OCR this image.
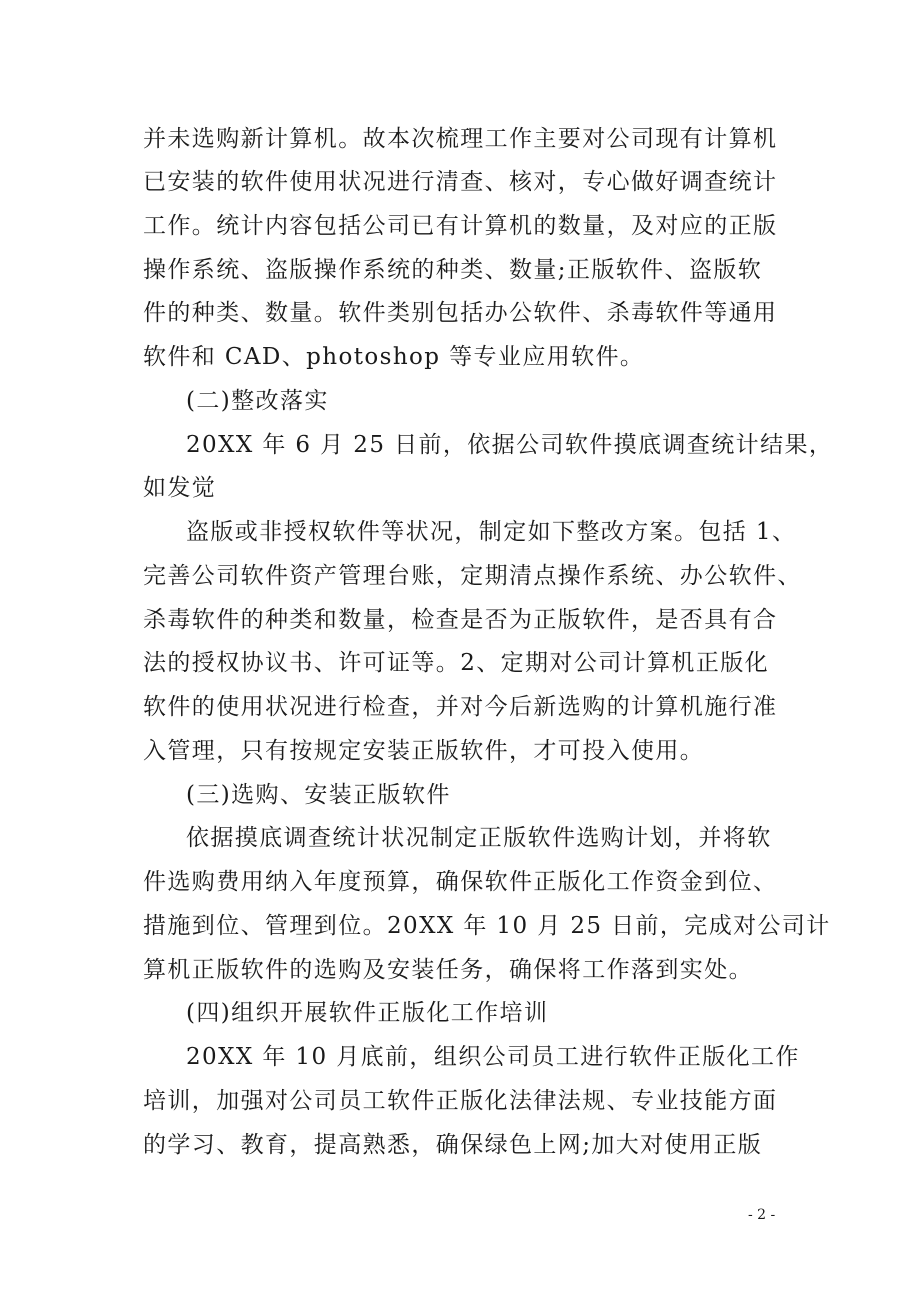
并未选购新计算机。故本次梳理工作主要对公司现有计算机
已安装的软件使用状况进行清查、核对，专心做好调查统计
工作。统计内容包括公司已有计算机的数量，及对应的正版
操作系统、盗版操作系统的种类、数量;正版软件、盗版软
件的种类、数量。软件类别包括办公软件、杀毒软件等通用
软件和 CAD、photoshop 等专业应用软件。
(二)整改落实
20XX 年 6 月 25 日前，依据公司软件摸底调查统计结果，
如发觉
盗版或非授权软件等状况，制定如下整改方案。包括 1、
完善公司软件资产管理台账，定期清点操作系统、办公软件、
杀毒软件的种类和数量，检查是否为正版软件，是否具有合
法的授权协议书、许可证等。2、定期对公司计算机正版化
软件的使用状况进行检查，并对今后新选购的计算机施行准
入管理，只有按规定安装正版软件，才可投入使用。
(三)选购、安装正版软件
依据摸底调查统计状况制定正版软件选购计划，并将软
件选购费用纳入年度预算，确保软件正版化工作资金到位、
措施到位、管理到位。20XX 年 10 月 25 日前，完成对公司计
算机正版软件的选购及安装任务，确保将工作落到实处。
(四)组织开展软件正版化工作培训
20XX 年 10 月底前，组织公司员工进行软件正版化工作
培训，加强对公司员工软件正版化法律法规、专业技能方面
的学习、教育，提高熟悉，确保绿色上网;加大对使用正版
- 2 -
